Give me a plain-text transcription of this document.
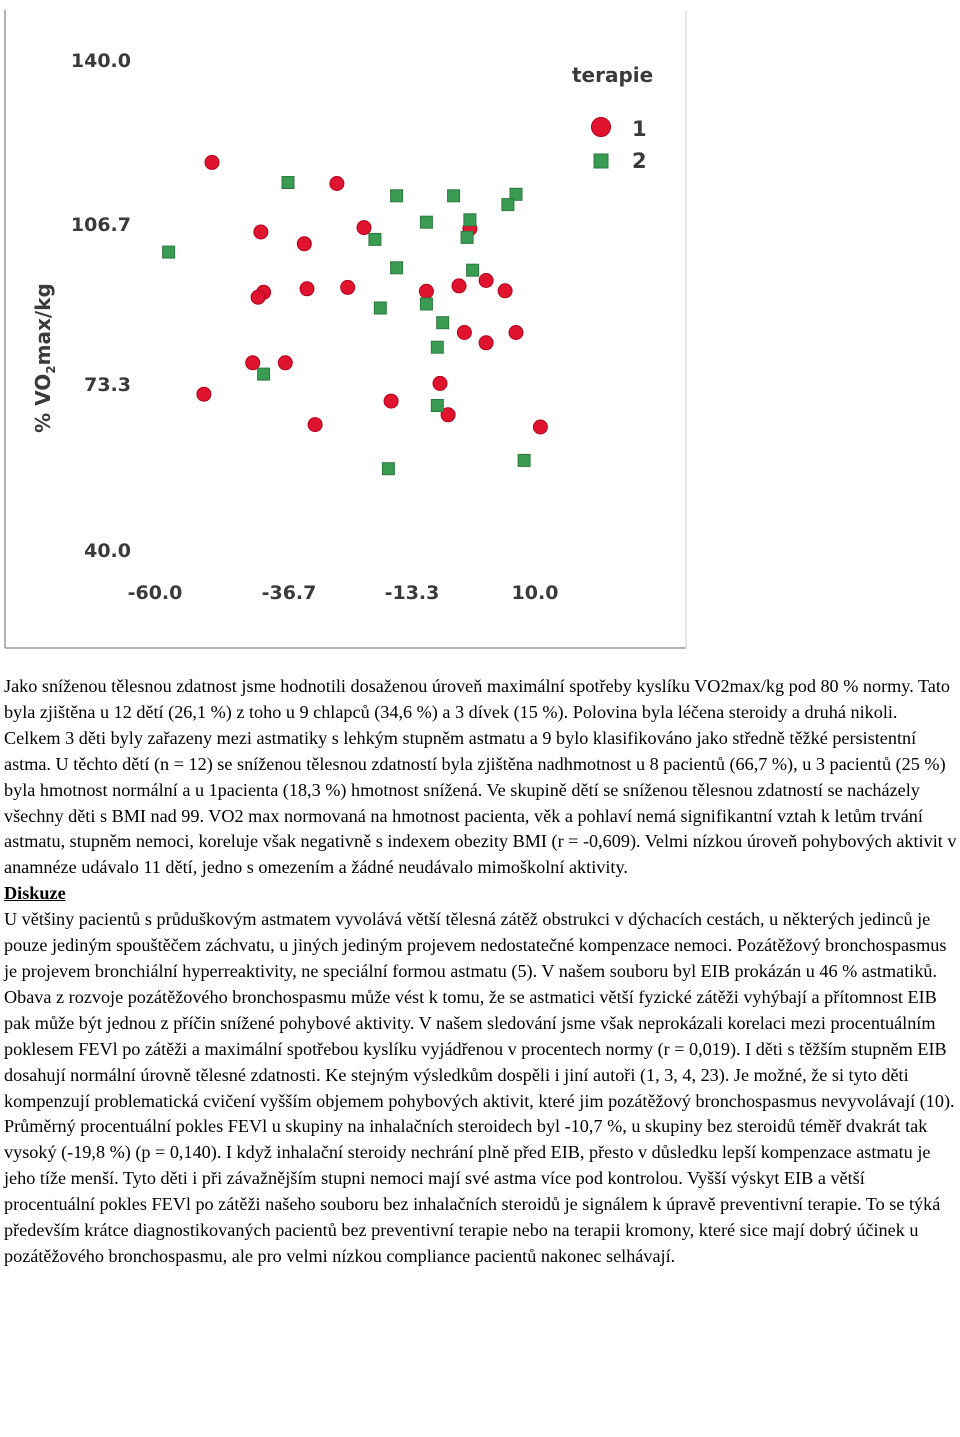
140.0
106.7
73.3
40.0
-60.0	-36.7	-13.3	10.0
% $VO_2\max/kg$
terapie
1
2

Jako sníženou tělesnou zdatnost jsme hodnotili dosaženou úroveň maximální spotřeby kyslíku VO2max/kg pod 80 % normy. Tato byla zjištěna u 12 dětí (26,1 %) z toho u 9 chlapců (34,6 %) a 3 dívek (15 %). Polovina byla léčena steroidy a druhá nikoli. Celkem 3 děti byly zařazeny mezi astmatiky s lehkým stupněm astmatu a 9 bylo klasifikováno jako středně těžké persistentní astma. U těchto dětí (n = 12) se sníženou tělesnou zdatností byla zjištěna nadhmotnost u 8 pacientů (66,7 %), u 3 pacientů (25 %) byla hmotnost normální a u 1pacienta (18,3 %) hmotnost snížená. Ve skupině dětí se sníženou tělesnou zdatností se nacházely všechny děti s BMI nad 99. VO2 max normovaná na hmotnost pacienta, věk a pohlaví nemá signifikantní vztah k letům trvání astmatu, stupněm nemoci, koreluje však negativně s indexem obezity BMI (r = -0,609). Velmi nízkou úroveň pohybových aktivit v anamnéze udávalo 11 dětí, jedno s omezením a žádné neudávalo mimoškolní aktivity.

Diskuze

U většiny pacientů s průduškovým astmatem vyvolává větší tělesná zátěž obstrukci v dýchacích cestách, u některých jedinců je pouze jediným spouštěčem záchvatu, u jiných jediným projevem nedostatečné kompenzace nemoci. Pozátěžový bronchospasmus je projevem bronchiální hyperreaktivity, ne speciální formou astmatu (5). V našem souboru byl EIB prokázán u 46 % astmatiků. Obava z rozvoje pozátěžového bronchospasmu může vést k tomu, že se astmatici větší fyzické zátěži vyhýbají a přítomnost EIB pak může být jednou z příčin snížené pohybové aktivity. V našem sledování jsme však neprokázali korelaci mezi procentuálním poklesem FEVl po zátěži a maximální spotřebou kyslíku vyjádřenou v procentech normy (r = 0,019). I děti s těžším stupněm EIB dosahují normální úrovně tělesné zdatnosti. Ke stejným výsledkům dospěli i jiní autoři (1, 3, 4, 23). Je možné, že si tyto děti kompenzují problematická cvičení vyšším objemem pohybových aktivit, které jim pozátěžový bronchospasmus nevyvolávají (10). Průměrný procentuální pokles FEVl u skupiny na inhalačních steroidech byl -10,7 %, u skupiny bez steroidů téměř dvakrát tak vysoký (-19,8 %) (p = 0,140). I když inhalační steroidy nechrání plně před EIB, přesto v důsledku lepší kompenzace astmatu je jeho tíže menší. Tyto děti i při závažnějším stupni nemoci mají své astma více pod kontrolou. Vyšší výskyt EIB a větší procentuální pokles FEVl po zátěži našeho souboru bez inhalačních steroidů je signálem k úpravě preventivní terapie. To se týká především krátce diagnostikovaných pacientů bez preventivní terapie nebo na terapii kromony, které sice mají dobrý účinek u pozátěžového bronchospasmu, ale pro velmi nízkou compliance pacientů nakonec selhávají.
